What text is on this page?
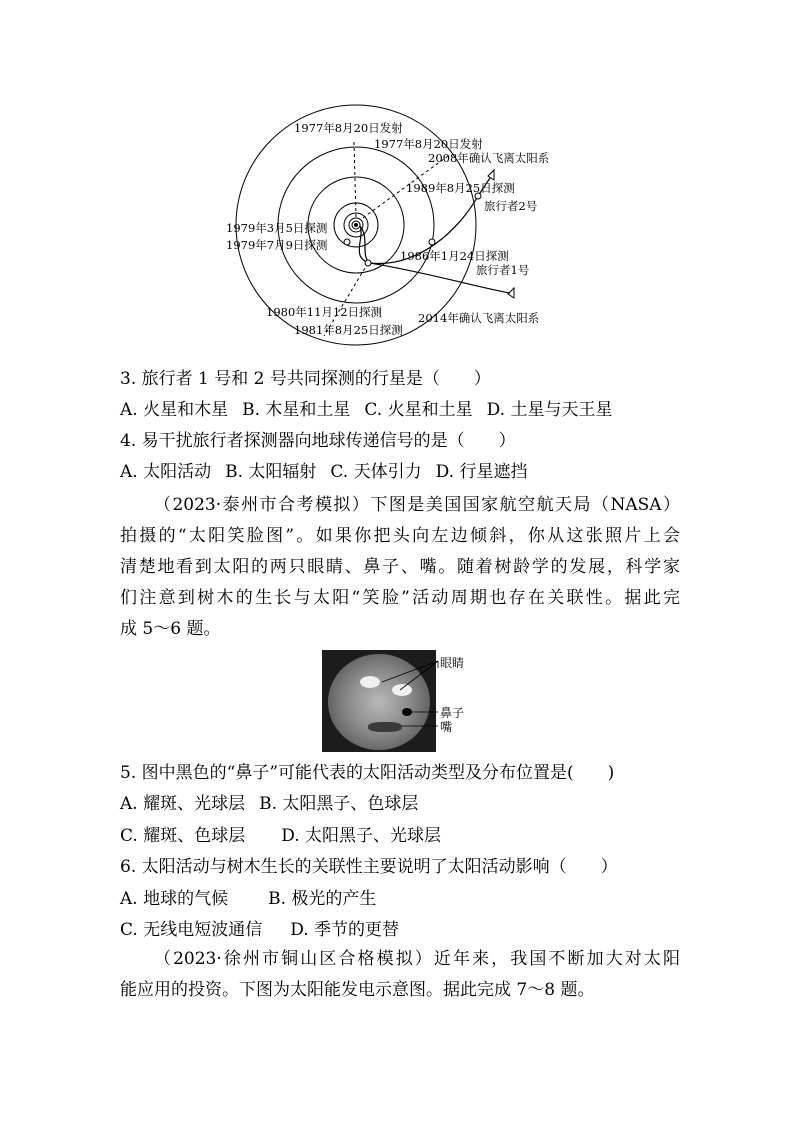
1977年8月20日发射
1977年8月20日发射
2008年确认飞离太阳系
1989年8月25日探测
旅行者2号
1979年3月5日探测
1979年7月9日探测
1986年1月24日探测
旅行者1号
1980年11月12日探测	2014年确认飞离太阳系
1981年8月25日探测
3. 旅行者 1 号和 2 号共同探测的行星是（　　）
A. 火星和木星 B. 木星和土星 C. 火星和土星 D. 土星与天王星
4. 易干扰旅行者探测器向地球传递信号的是（　　）
A. 太阳活动 B. 太阳辐射 C. 天体引力 D. 行星遮挡
（2023·泰州市合考模拟）下图是美国国家航空航天局（NASA）
拍摄的“太阳笑脸图”。如果你把头向左边倾斜，你从这张照片上会
清楚地看到太阳的两只眼睛、鼻子、嘴。随着树龄学的发展，科学家
们注意到树木的生长与太阳“笑脸”活动周期也存在关联性。据此完
成 5～6 题。
眼睛
鼻子
嘴
5. 图中黑色的“鼻子”可能代表的太阳活动类型及分布位置是(　　)
A. 耀斑、光球层 B. 太阳黑子、色球层
C. 耀斑、色球层 D. 太阳黑子、光球层
6. 太阳活动与树木生长的关联性主要说明了太阳活动影响（　　）
A. 地球的气候 B. 极光的产生
C. 无线电短波通信 D. 季节的更替
（2023·徐州市铜山区合格模拟）近年来，我国不断加大对太阳
能应用的投资。下图为太阳能发电示意图。据此完成 7～8 题。
